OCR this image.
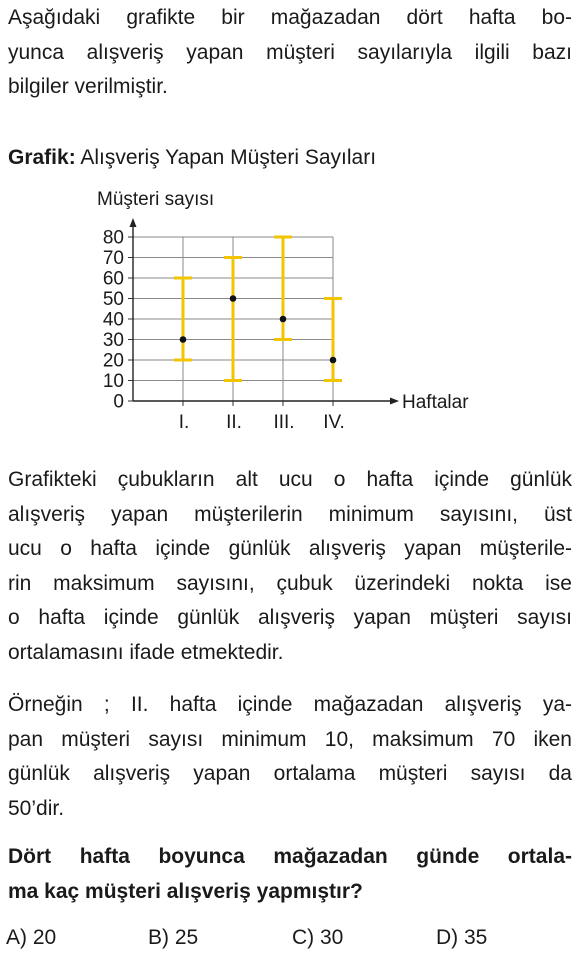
Aşağıdaki grafikte bir mağazadan dört hafta bo-
yunca alışveriş yapan müşteri sayılarıyla ilgili bazı
bilgiler verilmiştir.
Grafik: Alışveriş Yapan Müşteri Sayıları
Müşteri sayısı
0
10
20
30
40
50
60
70
80
I. II. III. IV.
Haftalar
Grafikteki çubukların alt ucu o hafta içinde günlük
alışveriş yapan müşterilerin minimum sayısını, üst
ucu o hafta içinde günlük alışveriş yapan müşterile-
rin maksimum sayısını, çubuk üzerindeki nokta ise
o hafta içinde günlük alışveriş yapan müşteri sayısı
ortalamasını ifade etmektedir.
Örneğin ; II. hafta içinde mağazadan alışveriş ya-
pan müşteri sayısı minimum 10, maksimum 70 iken
günlük alışveriş yapan ortalama müşteri sayısı da
50’dir.
Dört hafta boyunca mağazadan günde ortala-
ma kaç müşteri alışveriş yapmıştır?
A) 20	B) 25	C) 30	D) 35
